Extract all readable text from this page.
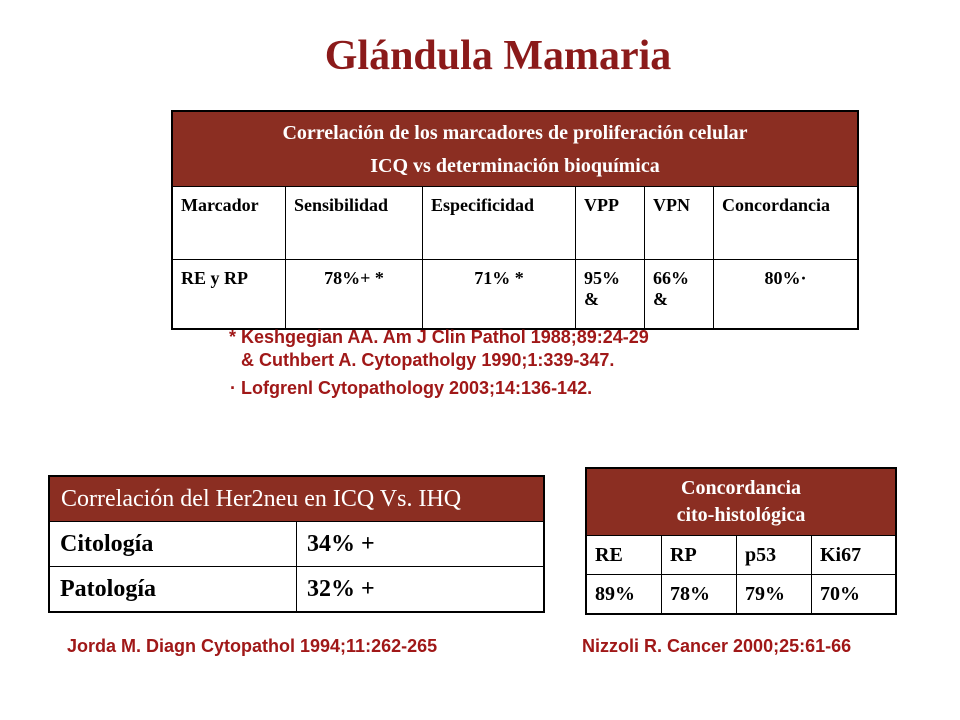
Glándula Mamaria
Correlación de los marcadores de proliferación celular
ICQ vs determinación bioquímica					

Marcador	Sensibilidad	Especificidad	VPP	VPN	Concordancia
RE y RP	78%+ *	71% *	95% &	66% &	80%·
* Keshgegian AA. Am J Clin Pathol 1988;89:24-29
& Cuthbert A. Cytopatholgy 1990;1:339-347.
· Lofgrenl Cytopathology 2003;14:136-142.
Correlación del Her2neu en ICQ Vs. IHQ	
Citología	34% +
Patología	32% +
Concordancia
cito-histológica			

RE	RP	p53	Ki67
89%	78%	79%	70%
Jorda M. Diagn Cytopathol 1994;11:262-265	Nizzoli R. Cancer 2000;25:61-66
